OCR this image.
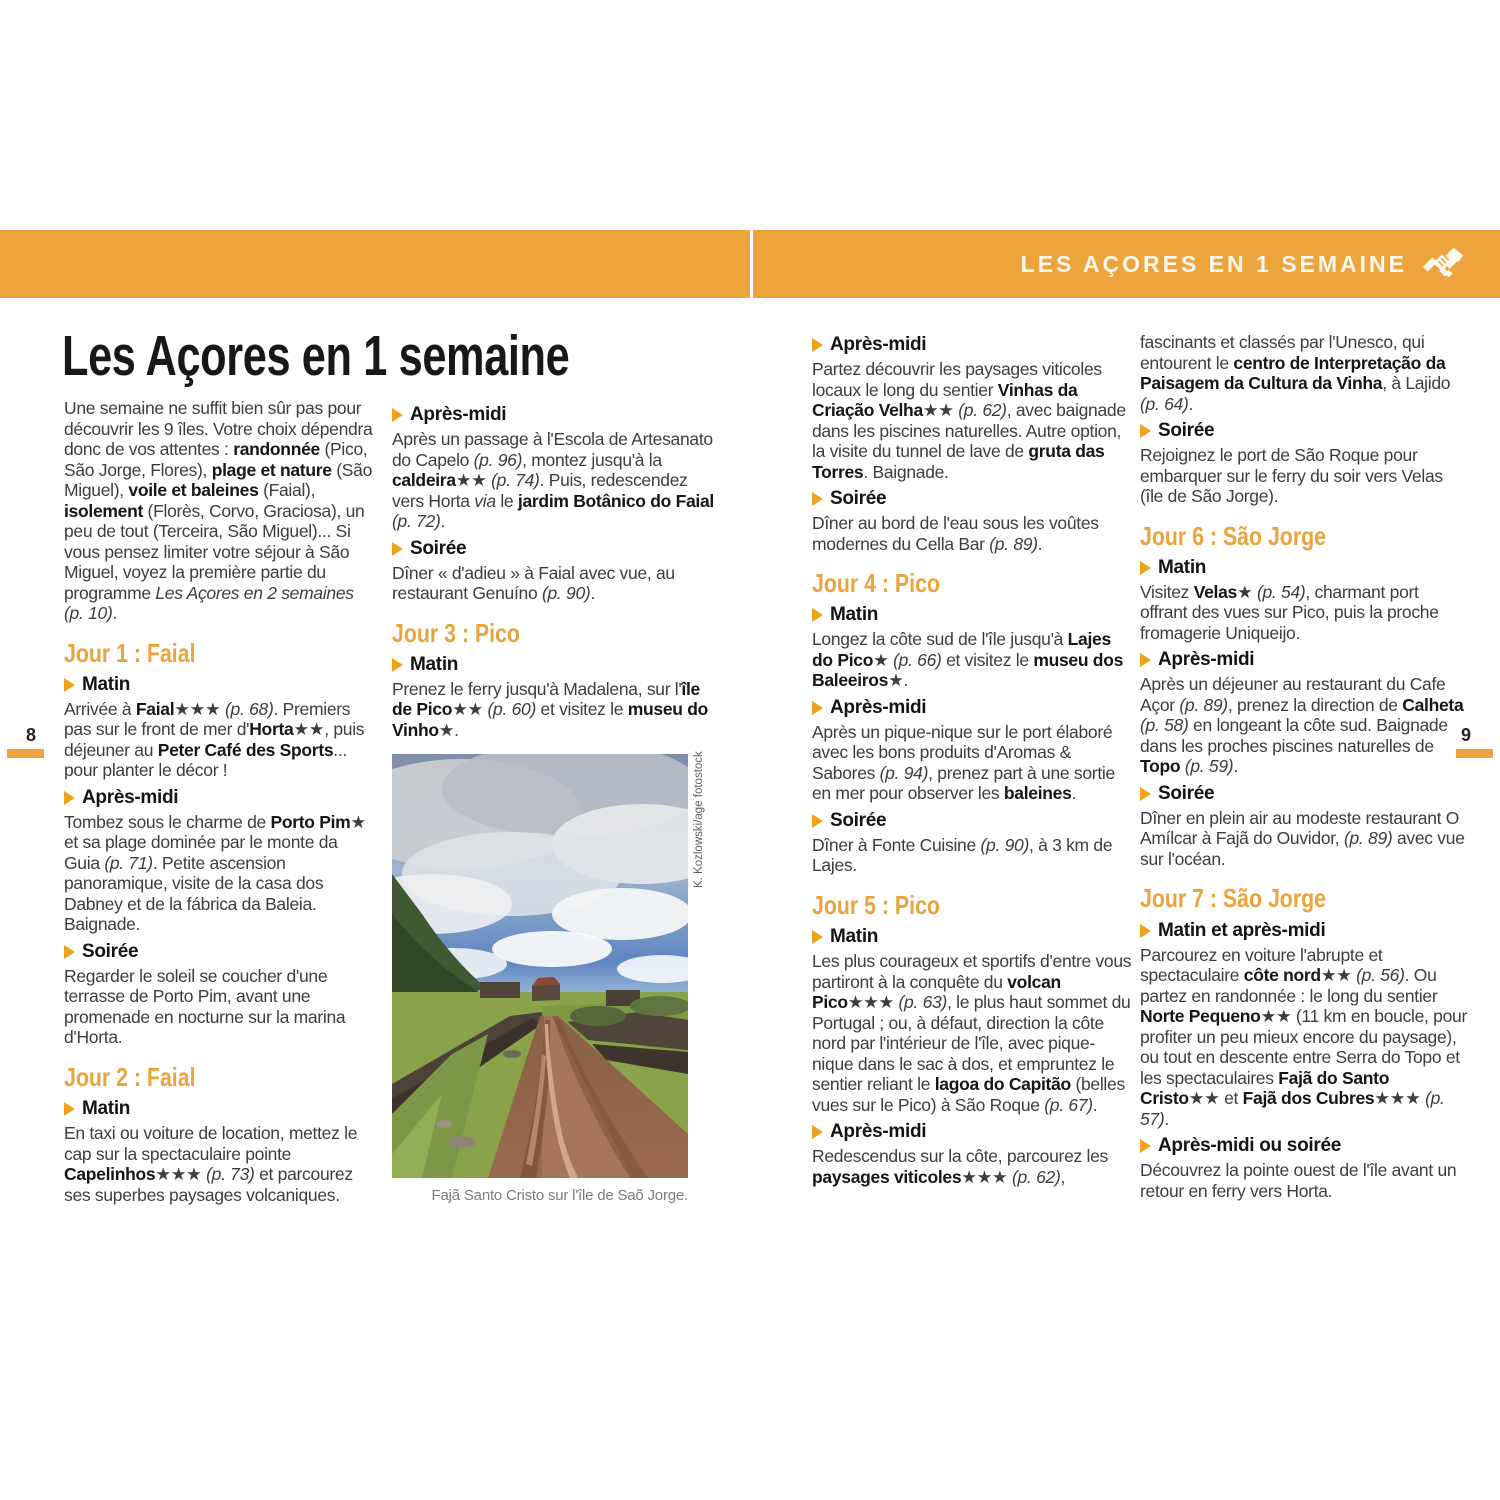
LES AÇORES EN 1 SEMAINE
Les Açores en 1 semaine

Une semaine ne suffit bien sûr pas pour découvrir les 9 îles. Votre choix dépendra donc de vos attentes : randonnée (Pico, São Jorge, Flores), plage et nature (São Miguel), voile et baleines (Faial), isolement (Florès, Corvo, Graciosa), un peu de tout (Terceira, São Miguel)... Si vous pensez limiter votre séjour à São Miguel, voyez la première partie du programme Les Açores en 2 semaines (p. 10).

Jour 1 : Faial
Matin

Arrivée à Faial★★★ (p. 68). Premiers pas sur le front de mer d'Horta★★, puis déjeuner au Peter Café des Sports... pour planter le décor !

Après-midi

Tombez sous le charme de Porto Pim★ et sa plage dominée par le monte da Guia (p. 71). Petite ascension panoramique, visite de la casa dos Dabney et de la fábrica da Baleia. Baignade.

Soirée

Regarder le soleil se coucher d'une terrasse de Porto Pim, avant une promenade en nocturne sur la marina d'Horta.

Jour 2 : Faial
Matin

En taxi ou voiture de location, mettez le cap sur la spectaculaire pointe Capelinhos★★★ (p. 73) et parcourez ses superbes paysages volcaniques.

Après-midi

Après un passage à l'Escola de Artesanato do Capelo (p. 96), montez jusqu'à la caldeira★★ (p. 74). Puis, redescendez vers Horta via le jardim Botânico do Faial (p. 72).

Soirée

Dîner « d'adieu » à Faial avec vue, au restaurant Genuíno (p. 90).

Jour 3 : Pico
Matin

Prenez le ferry jusqu'à Madalena, sur l'île de Pico★★ (p. 60) et visitez le museu do Vinho★.

K. Kozlowski/age fotostock
Fajã Santo Cristo sur l'île de Saõ Jorge.
Après-midi

Partez découvrir les paysages viticoles locaux le long du sentier Vinhas da Criação Velha★★ (p. 62), avec baignade dans les piscines naturelles. Autre option, la visite du tunnel de lave de gruta das Torres. Baignade.

Soirée

Dîner au bord de l'eau sous les voûtes modernes du Cella Bar (p. 89).

Jour 4 : Pico
Matin

Longez la côte sud de l'île jusqu'à Lajes do Pico★ (p. 66) et visitez le museu dos Baleeiros★.

Après-midi

Après un pique-nique sur le port élaboré avec les bons produits d'Aromas & Sabores (p. 94), prenez part à une sortie en mer pour observer les baleines.

Soirée

Dîner à Fonte Cuisine (p. 90), à 3 km de Lajes.

Jour 5 : Pico
Matin

Les plus courageux et sportifs d'entre vous partiront à la conquête du volcan Pico★★★ (p. 63), le plus haut sommet du Portugal ; ou, à défaut, direction la côte nord par l'intérieur de l'île, avec pique-nique dans le sac à dos, et empruntez le sentier reliant le lagoa do Capitão (belles vues sur le Pico) à São Roque (p. 67).

Après-midi

Redescendus sur la côte, parcourez les paysages viticoles★★★ (p. 62),

fascinants et classés par l'Unesco, qui entourent le centro de Interpretação da Paisagem da Cultura da Vinha, à Lajido (p. 64).

Soirée

Rejoignez le port de São Roque pour embarquer sur le ferry du soir vers Velas (île de São Jorge).

Jour 6 : São Jorge
Matin

Visitez Velas★ (p. 54), charmant port offrant des vues sur Pico, puis la proche fromagerie Uniqueijo.

Après-midi

Après un déjeuner au restaurant du Cafe Açor (p. 89), prenez la direction de Calheta (p. 58) en longeant la côte sud. Baignade dans les proches piscines naturelles de Topo (p. 59).

Soirée

Dîner en plein air au modeste restaurant O Amílcar à Fajã do Ouvidor, (p. 89) avec vue sur l'océan.

Jour 7 : São Jorge
Matin et après-midi

Parcourez en voiture l'abrupte et spectaculaire côte nord★★ (p. 56). Ou partez en randonnée : le long du sentier Norte Pequeno★★ (11 km en boucle, pour profiter un peu mieux encore du paysage), ou tout en descente entre Serra do Topo et les spectaculaires Fajã do Santo Cristo★★ et Fajã dos Cubres★★★ (p. 57).

Après-midi ou soirée

Découvrez la pointe ouest de l'île avant un retour en ferry vers Horta.

8	9
